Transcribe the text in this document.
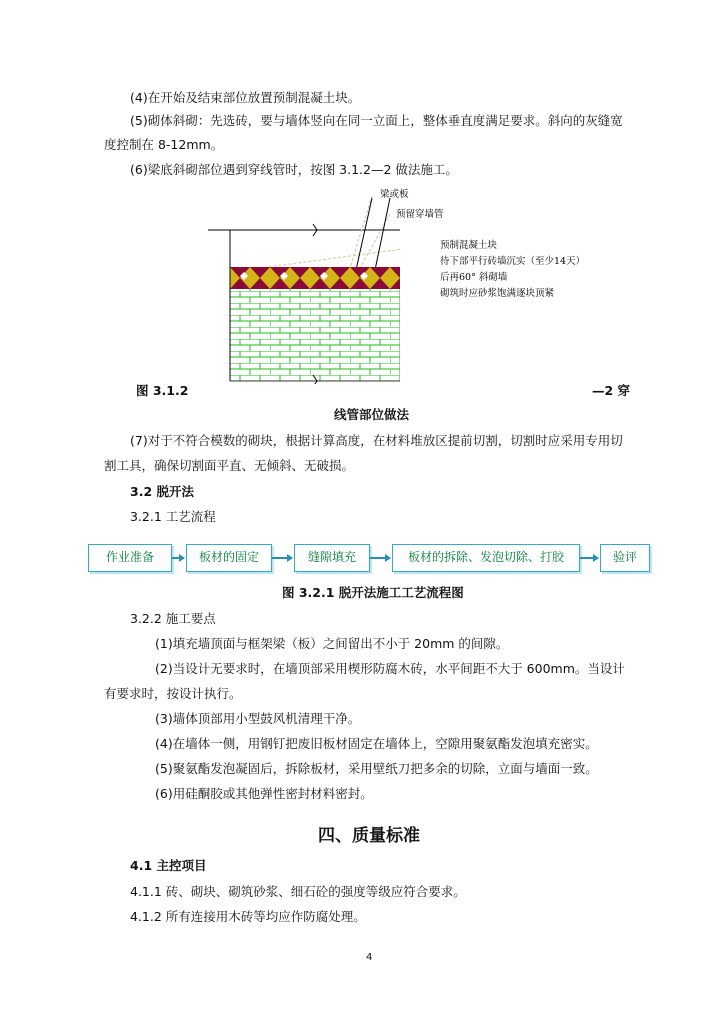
(4)在开始及结束部位放置预制混凝土块。
(5)砌体斜砌：先选砖，要与墙体竖向在同一立面上，整体垂直度满足要求。斜向的灰缝宽
度控制在 8-12mm。
(6)梁底斜砌部位遇到穿线管时，按图 3.1.2—2 做法施工。
梁或板
预留穿墙管
预制混凝土块
待下部平行砖墙沉实（至少14天）
后再60° 斜砌墙
砌筑时应砂浆饱满逐块顶紧
图 3.1.2	—2 穿
线管部位做法
(7)对于不符合模数的砌块，根据计算高度，在材料堆放区提前切割，切割时应采用专用切
割工具，确保切割面平直、无倾斜、无破损。
3.2 脱开法
3.2.1 工艺流程
作业准备	板材的固定	缝隙填充	板材的拆除、发泡切除、打胶	验评
图 3.2.1 脱开法施工工艺流程图
3.2.2 施工要点
(1)填充墙顶面与框架梁（板）之间留出不小于 20mm 的间隙。
(2)当设计无要求时，在墙顶部采用楔形防腐木砖，水平间距不大于 600mm。当设计
有要求时，按设计执行。
(3)墙体顶部用小型鼓风机清理干净。
(4)在墙体一侧，用钢钉把废旧板材固定在墙体上，空隙用聚氨酯发泡填充密实。
(5)聚氨酯发泡凝固后，拆除板材，采用壁纸刀把多余的切除，立面与墙面一致。
(6)用硅酮胶或其他弹性密封材料密封。
四、质量标准
4.1 主控项目
4.1.1 砖、砌块、砌筑砂浆、细石砼的强度等级应符合要求。
4.1.2 所有连接用木砖等均应作防腐处理。
4
